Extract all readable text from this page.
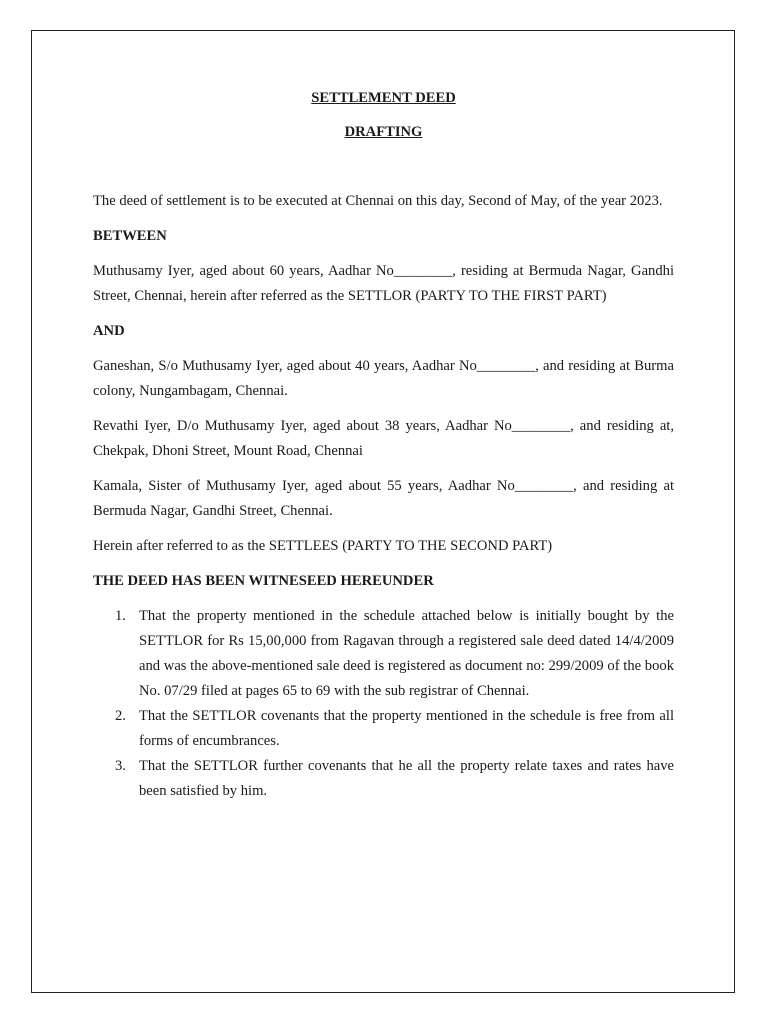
SETTLEMENT DEED
DRAFTING

The deed of settlement is to be executed at Chennai on this day, Second of May, of the year 2023.

BETWEEN

Muthusamy Iyer, aged about 60 years, Aadhar No________, residing at Bermuda Nagar, Gandhi Street, Chennai, herein after referred as the SETTLOR (PARTY TO THE FIRST PART)

AND

Ganeshan, S/o Muthusamy Iyer, aged about 40 years, Aadhar No________, and residing at Burma colony, Nungambagam, Chennai.

Revathi Iyer, D/o Muthusamy Iyer, aged about 38 years, Aadhar No________, and residing at, Chekpak, Dhoni Street, Mount Road, Chennai

Kamala, Sister of Muthusamy Iyer, aged about 55 years, Aadhar No________, and residing at Bermuda Nagar, Gandhi Street, Chennai.

Herein after referred to as the SETTLEES (PARTY TO THE SECOND PART)

THE DEED HAS BEEN WITNESEED HEREUNDER
1. That the property mentioned in the schedule attached below is initially bought by the SETTLOR for Rs 15,00,000 from Ragavan through a registered sale deed dated 14/4/2009 and was the above-mentioned sale deed is registered as document no: 299/2009 of the book No. 07/29 filed at pages 65 to 69 with the sub registrar of Chennai.
2. That the SETTLOR covenants that the property mentioned in the schedule is free from all forms of encumbrances.
3. That the SETTLOR further covenants that he all the property relate taxes and rates have been satisfied by him.
